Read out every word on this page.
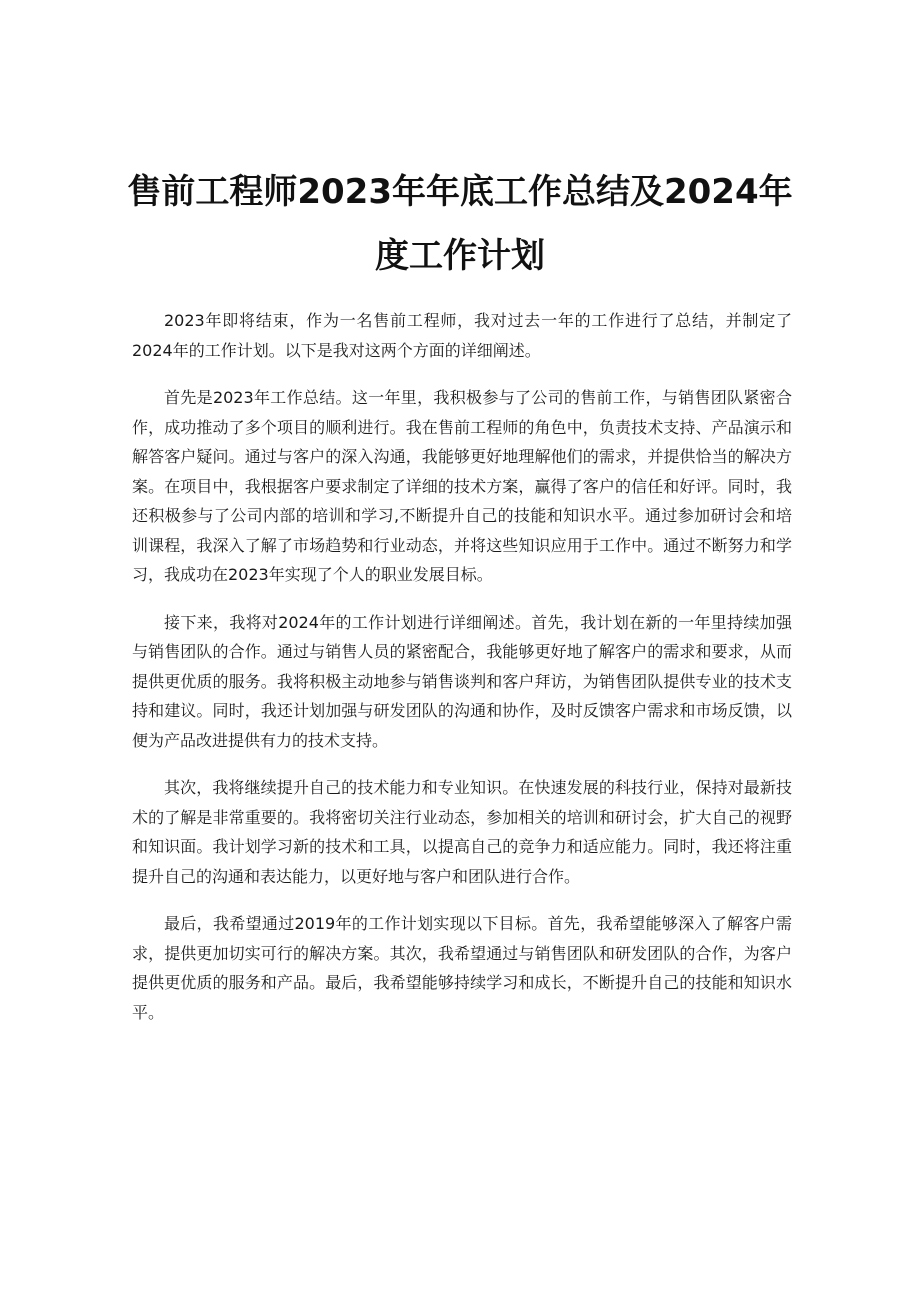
售前工程师2023年年底工作总结及2024年
度工作计划

2023年即将结束，作为一名售前工程师，我对过去一年的工作进行了总结，并制定了2024年的工作计划。以下是我对这两个方面的详细阐述。

首先是2023年工作总结。这一年里，我积极参与了公司的售前工作，与销售团队紧密合作，成功推动了多个项目的顺利进行。我在售前工程师的角色中，负责技术支持、产品演示和解答客户疑问。通过与客户的深入沟通，我能够更好地理解他们的需求，并提供恰当的解决方案。在项目中，我根据客户要求制定了详细的技术方案，赢得了客户的信任和好评。同时，我还积极参与了公司内部的培训和学习,不断提升自己的技能和知识水平。通过参加研讨会和培训课程，我深入了解了市场趋势和行业动态，并将这些知识应用于工作中。通过不断努力和学习，我成功在2023年实现了个人的职业发展目标。

接下来，我将对2024年的工作计划进行详细阐述。首先，我计划在新的一年里持续加强与销售团队的合作。通过与销售人员的紧密配合，我能够更好地了解客户的需求和要求，从而提供更优质的服务。我将积极主动地参与销售谈判和客户拜访，为销售团队提供专业的技术支持和建议。同时，我还计划加强与研发团队的沟通和协作，及时反馈客户需求和市场反馈，以便为产品改进提供有力的技术支持。

其次，我将继续提升自己的技术能力和专业知识。在快速发展的科技行业，保持对最新技术的了解是非常重要的。我将密切关注行业动态，参加相关的培训和研讨会，扩大自己的视野和知识面。我计划学习新的技术和工具，以提高自己的竞争力和适应能力。同时，我还将注重提升自己的沟通和表达能力，以更好地与客户和团队进行合作。

最后，我希望通过2019年的工作计划实现以下目标。首先，我希望能够深入了解客户需求，提供更加切实可行的解决方案。其次，我希望通过与销售团队和研发团队的合作，为客户提供更优质的服务和产品。最后，我希望能够持续学习和成长，不断提升自己的技能和知识水平。
